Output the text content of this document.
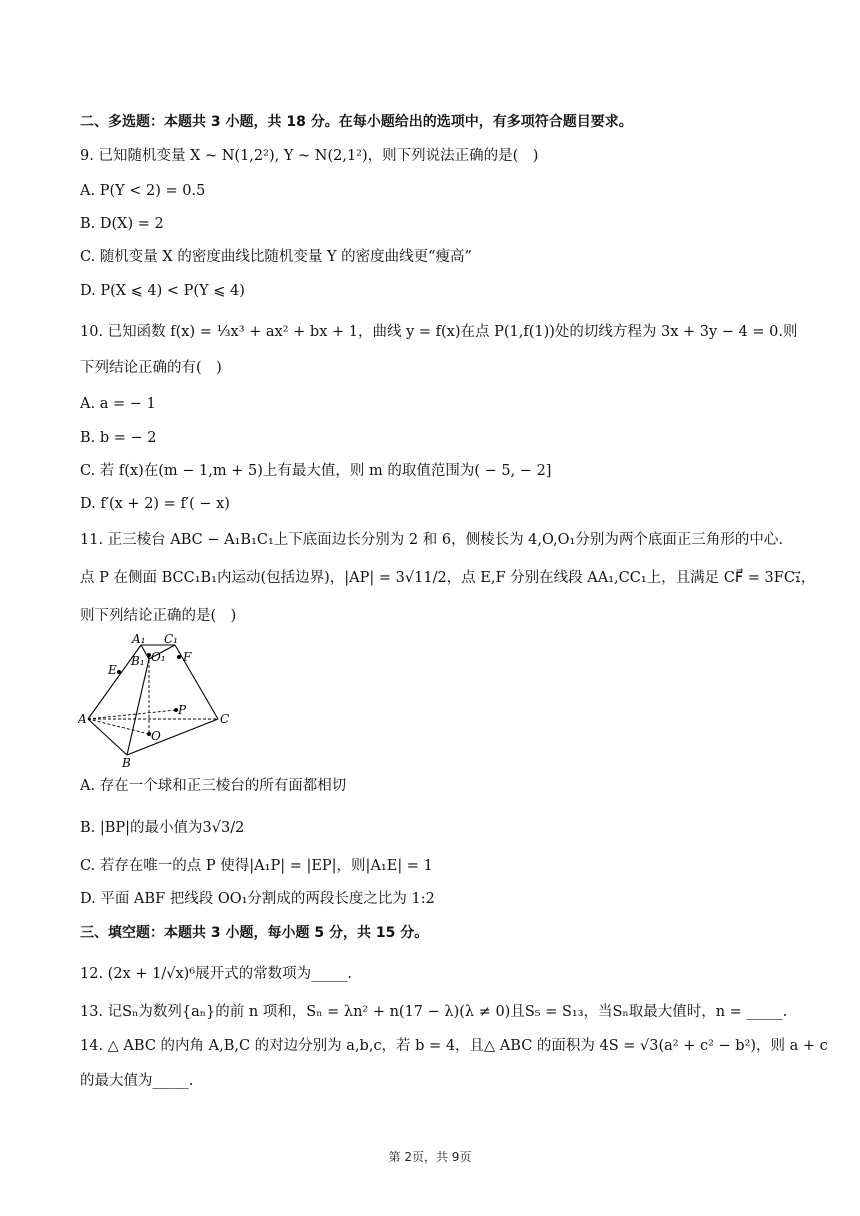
二、多选题：本题共 3 小题，共 18 分。在每小题给出的选项中，有多项符合题目要求。
9. 已知随机变量 X ~ N(1,2²), Y ~ N(2,1²)，则下列说法正确的是(　)
A. P(Y < 2) = 0.5
B. D(X) = 2
C. 随机变量 X 的密度曲线比随机变量 Y 的密度曲线更“瘦高”
D. P(X ⩽ 4) < P(Y ⩽ 4)
10. 已知函数 f(x) = ⅓x³ + ax² + bx + 1，曲线 y = f(x)在点 P(1,f(1))处的切线方程为 3x + 3y − 4 = 0.则
下列结论正确的有(　)
A. a = − 1
B. b = − 2
C. 若 f(x)在(m − 1,m + 5)上有最大值，则 m 的取值范围为( − 5, − 2]
D. f′(x + 2) = f′( − x)
11. 正三棱台 ABC − A₁B₁C₁上下底面边长分别为 2 和 6，侧棱长为 4,O,O₁分别为两个底面正三角形的中心.
点 P 在侧面 BCC₁B₁内运动(包括边界)，|AP| = 3√11/2，点 E,F 分别在线段 AA₁,CC₁上，且满足 CF⃗ = 3FC₁⃗，
则下列结论正确的是(　)
A₁ C₁
B₁ O₁
E
F
P
A	C
O
B
A. 存在一个球和正三棱台的所有面都相切
B. |BP|的最小值为3√3/2
C. 若存在唯一的点 P 使得|A₁P| = |EP|，则|A₁E| = 1
D. 平面 ABF 把线段 OO₁分割成的两段长度之比为 1:2
三、填空题：本题共 3 小题，每小题 5 分，共 15 分。
12. (2x + 1/√x)⁶展开式的常数项为_____.
13. 记Sₙ为数列{aₙ}的前 n 项和，Sₙ = λn² + n(17 − λ)(λ ≠ 0)且S₅ = S₁₃，当Sₙ取最大值时，n = _____.
14. △ ABC 的内角 A,B,C 的对边分别为 a,b,c，若 b = 4，且△ ABC 的面积为 4S = √3(a² + c² − b²)，则 a + c
的最大值为_____.
第 2页，共 9页
